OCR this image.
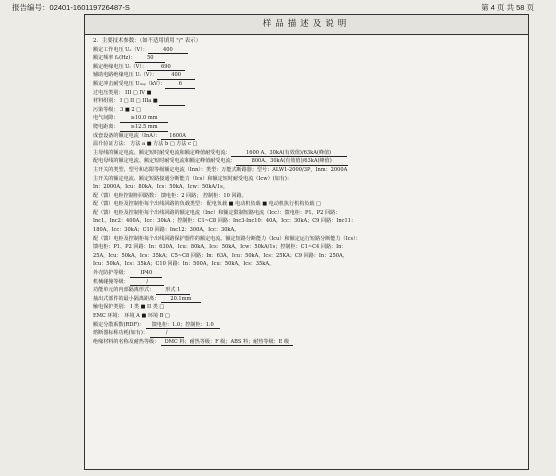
报告编号：02401-160119726487-S	第 4 页 共 58 页
样品描述及说明
2．主要技术参数：（如不适用填用 "/" 表示）
额定工作电压 Uₑ（V）：	400
额定频率 fₙ(Hz)： 50
额定绝缘电压 Uᵢ（V）：	690
辅助电路绝缘电压 Uᵢ（V）：	400
额定冲击耐受电压 Uᵢₘₚ（kV）：	6
过电压类别： III □ IV ■
材料组别： I □ II □ IIIa ■
污染等级： 3 ■ 2 □
电气间隙： ≥10.0 mm
爬电距离： ≥12.5 mm
成套设备的额定电流（InA）： 1600A
温升验证方法： 方法 a ■ 方法 b □ 方法 c □
主母线的额定电流、额定短时耐受电流和额定峰值耐受电流：	1600 A、30kA(有效值)/63kA(峰值)
配电母线的额定电流、额定短时耐受电流和额定峰值耐受电流：	800A、30kA(有效值)/63kA(峰值)
主开关的类型、型号和态限等级额定电流（Inn）：类型：万能式断路器；型号：ALW1-2000/3P，Inm：2000A
主开关的额定电流、额定短路接通分断能力（Ics）和额定短时耐受电流（Icw）(如有)：
In：2000A，Icu：80kA，Ics：50kA，Icw：50kA/1s。
配（馈）电柜控制柜回路数： 馈电柜：2 回路； 控制柜：10 回路。
配（馈）电柜及控制柜每个出线回路的负载类型： 配电负载 ■ 电动机负载 ■ 电动机执行机构负载 □
配（馈）电柜及控制柜每个出线回路的额定电流（Inc）和额定限制短路电流（Icc）：馈电柜：P1、P2 回路：
Inc1、Inc2：400A，Icc：30kA ；控制柜：C1~C8 回路：Inc3-Inc10：40A，Icc：30kA；C9 回路：Inc11：
180A，Icc：30kA；C10 回路：Inc12：300A，Icc：30kA。
配（馈）电柜及控制柜每个出线回路保护器件的额定电流、额定短路分断能力（Icu）和额定运行短路分断能力（Ics）：
馈电柜：P1、P2 回路：In：630A，Icu：80kA，Ics：50kA，Icw：50kA/1s；控制柜：C1~C4 回路：In：
25A，Icu：50kA，Ics：35kA；C5~C8 回路：In：63A，Icu：50kA，Ics：25KA；C9 回路：In：250A，
Icu：50kA，Ics：35kA；C10 回路：In：500A，Icu：50kA，Ics：35kA。
外壳防护等级： IP40
机械碰撞等级：	/
功能单元的内部隔离形式： 形式 1
抽出式部件的最小隔离距离： 20.1mm
触电保护类别： I 类 ■ II 类 □
EMC 环境： 环境 A ■ 环境 B □
额定分散系数(RDF)： 馈电柜：1.0；控制柜：1.0
熔断器标称功耗(如有)：	/
绝缘材料的名称及耐热等级： DMC 料；耐热等级：F 级；ABS 料；耐热等级：E 级
